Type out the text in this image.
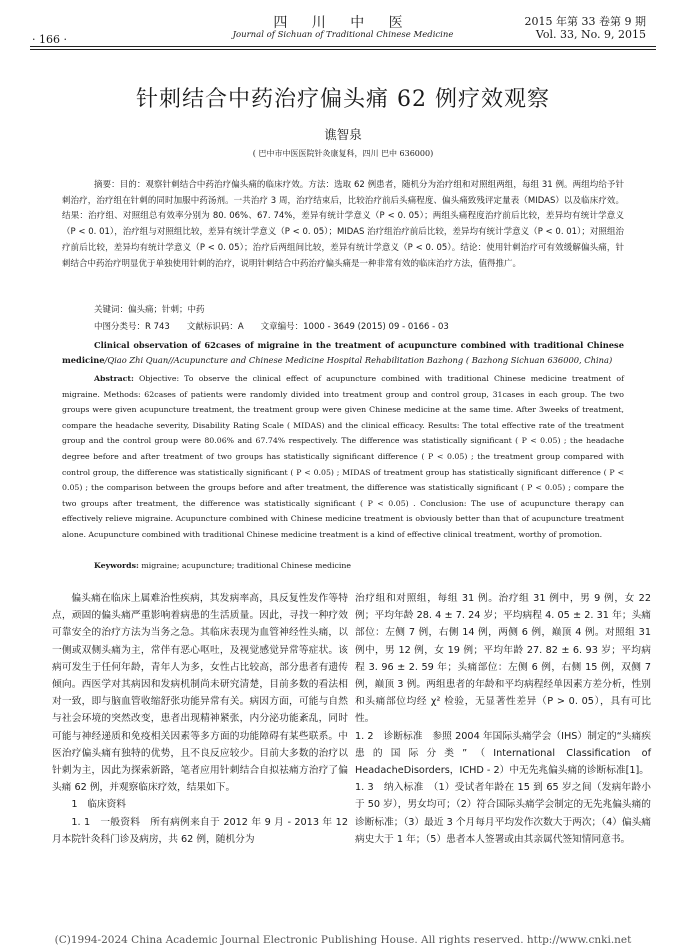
· 166 ·
四 川 中 医
Journal of Sichuan of Traditional Chinese Medicine
2015 年第 33 卷第 9 期
Vol. 33, No. 9, 2015
针刺结合中药治疗偏头痛 62 例疗效观察
谯智泉
( 巴中市中医医院针灸康复科，四川 巴中 636000)
摘要：目的：观察针刺结合中药治疗偏头痛的临床疗效。方法：选取 62 例患者，随机分为治疗组和对照组两组，每组 31 例。两组均给予针刺治疗，治疗组在针刺的同时加服中药汤剂。一共治疗 3 周，治疗结束后，比较治疗前后头痛程度、偏头痛致残评定量表（MIDAS）以及临床疗效。结果：治疗组、对照组总有效率分别为 80. 06%、67. 74%，差异有统计学意义（P < 0. 05）；两组头痛程度治疗前后比较，差异均有统计学意义（P < 0. 01），治疗组与对照组比较，差异有统计学意义（P < 0. 05）；MIDAS 治疗组治疗前后比较，差异均有统计学意义（P < 0. 01）；对照组治疗前后比较，差异均有统计学意义（P < 0. 05）；治疗后两组间比较，差异有统计学意义（P < 0. 05）。结论：使用针刺治疗可有效缓解偏头痛，针刺结合中药治疗明显优于单独使用针刺的治疗，说明针刺结合中药治疗偏头痛是一种非常有效的临床治疗方法，值得推广。
关键词：偏头痛；针刺；中药
中图分类号：R 743　　文献标识码：A　　文章编号：1000 - 3649 (2015) 09 - 0166 - 03
Clinical observation of 62cases of migraine in the treatment of acupuncture combined with traditional Chinese medicine/Qiao Zhi Quan//Acupuncture and Chinese Medicine Hospital Rehabilitation Bazhong ( Bazhong Sichuan 636000, China)
Abstract: Objective: To observe the clinical effect of acupuncture combined with traditional Chinese medicine treatment of migraine. Methods: 62cases of patients were randomly divided into treatment group and control group, 31cases in each group. The two groups were given acupuncture treatment, the treatment group were given Chinese medicine at the same time. After 3weeks of treatment, compare the headache severity, Disability Rating Scale ( MIDAS) and the clinical efficacy. Results: The total effective rate of the treatment group and the control group were 80.06% and 67.74% respectively. The difference was statistically significant ( P < 0.05) ; the headache degree before and after treatment of two groups has statistically significant difference ( P < 0.05) ; the treatment group compared with control group, the difference was statistically significant ( P < 0.05) ; MIDAS of treatment group has statistically significant difference ( P < 0.05) ; the comparison between the groups before and after treatment, the difference was statistically significant ( P < 0.05) ; compare the two groups after treatment, the difference was statistically significant ( P < 0.05) . Conclusion: The use of acupuncture therapy can effectively relieve migraine. Acupuncture combined with Chinese medicine treatment is obviously better than that of acupuncture treatment alone. Acupuncture combined with traditional Chinese medicine treatment is a kind of effective clinical treatment, worthy of promotion.
Keywords: migraine; acupuncture; traditional Chinese medicine

偏头痛在临床上属难治性疾病，其发病率高，具反复性发作等特点，顽固的偏头痛严重影响着病患的生活质量。因此，寻找一种疗效可靠安全的治疗方法为当务之急。其临床表现为血管神经性头痛，以一侧或双侧头痛为主，常伴有恶心呕吐，及视觉感觉异常等症状。该病可发生于任何年龄，青年人为多，女性占比较高，部分患者有遗传倾向。西医学对其病因和发病机制尚未研究清楚，目前多数的看法相对一致，即与脑血管收缩舒张功能异常有关。病因方面，可能与自然与社会环境的突然改变，患者出现精神紧张，内分泌功能紊乱，同时可能与神经递质和免疫相关因素等多方面的功能障碍有某些联系。中医治疗偏头痛有独特的优势，且不良反应较少。目前大多数的治疗以针刺为主，因此为探索新路，笔者应用针刺结合自拟祛痛方治疗了偏头痛 62 例，并观察临床疗效，结果如下。

1　临床资料

1. 1　一般资料　所有病例来自于 2012 年 9 月 - 2013 年 12 月本院针灸科门诊及病房，共 62 例，随机分为

治疗组和对照组，每组 31 例。治疗组 31 例中，男 9 例，女 22 例；平均年龄 28. 4 ± 7. 24 岁；平均病程 4. 05 ± 2. 31 年；头痛部位：左侧 7 例，右侧 14 例，两侧 6 例，巅顶 4 例。对照组 31 例中，男 12 例，女 19 例；平均年龄 27. 82 ± 6. 93 岁；平均病程 3. 96 ± 2. 59 年；头痛部位：左侧 6 例，右侧 15 例，双侧 7 例，巅顶 3 例。两组患者的年龄和平均病程经单因素方差分析，性别和头痛部位均经 χ² 检验，无显著性差异（P > 0. 05），具有可比性。

1. 2　诊断标准　参照 2004 年国际头痛学会（IHS）制定的“头痛疾患的国际分类”（International Classification of HeadacheDisorders，ICHD - 2）中无先兆偏头痛的诊断标准[1]。

1. 3　纳入标准　（1）受试者年龄在 15 到 65 岁之间（发病年龄小于 50 岁），男女均可；（2）符合国际头痛学会制定的无先兆偏头痛的诊断标准；（3）最近 3 个月每月平均发作次数大于两次；（4）偏头痛病史大于 1 年；（5）患者本人签署或由其亲属代签知情同意书。

(C)1994-2024 China Academic Journal Electronic Publishing House. All rights reserved. http://www.cnki.net
